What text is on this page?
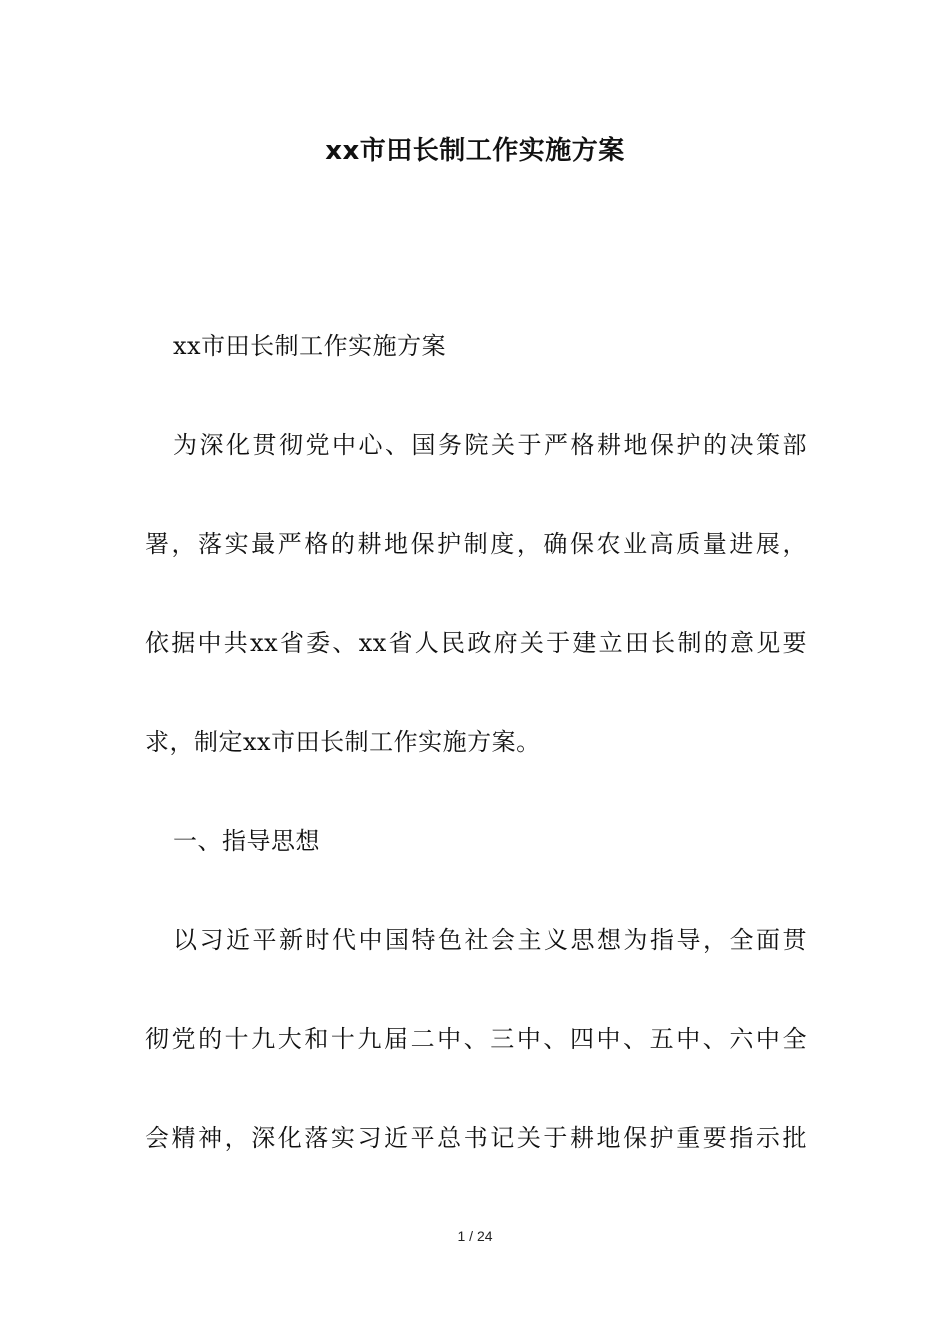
xx市田长制工作实施方案
xx市田长制工作实施方案
为深化贯彻党中心、国务院关于严格耕地保护的决策部
署，落实最严格的耕地保护制度，确保农业高质量进展，
依据中共xx省委、xx省人民政府关于建立田长制的意见要
求，制定xx市田长制工作实施方案。
一、指导思想
以习近平新时代中国特色社会主义思想为指导，全面贯
彻党的十九大和十九届二中、三中、四中、五中、六中全
会精神，深化落实习近平总书记关于耕地保护重要指示批
1 / 24
